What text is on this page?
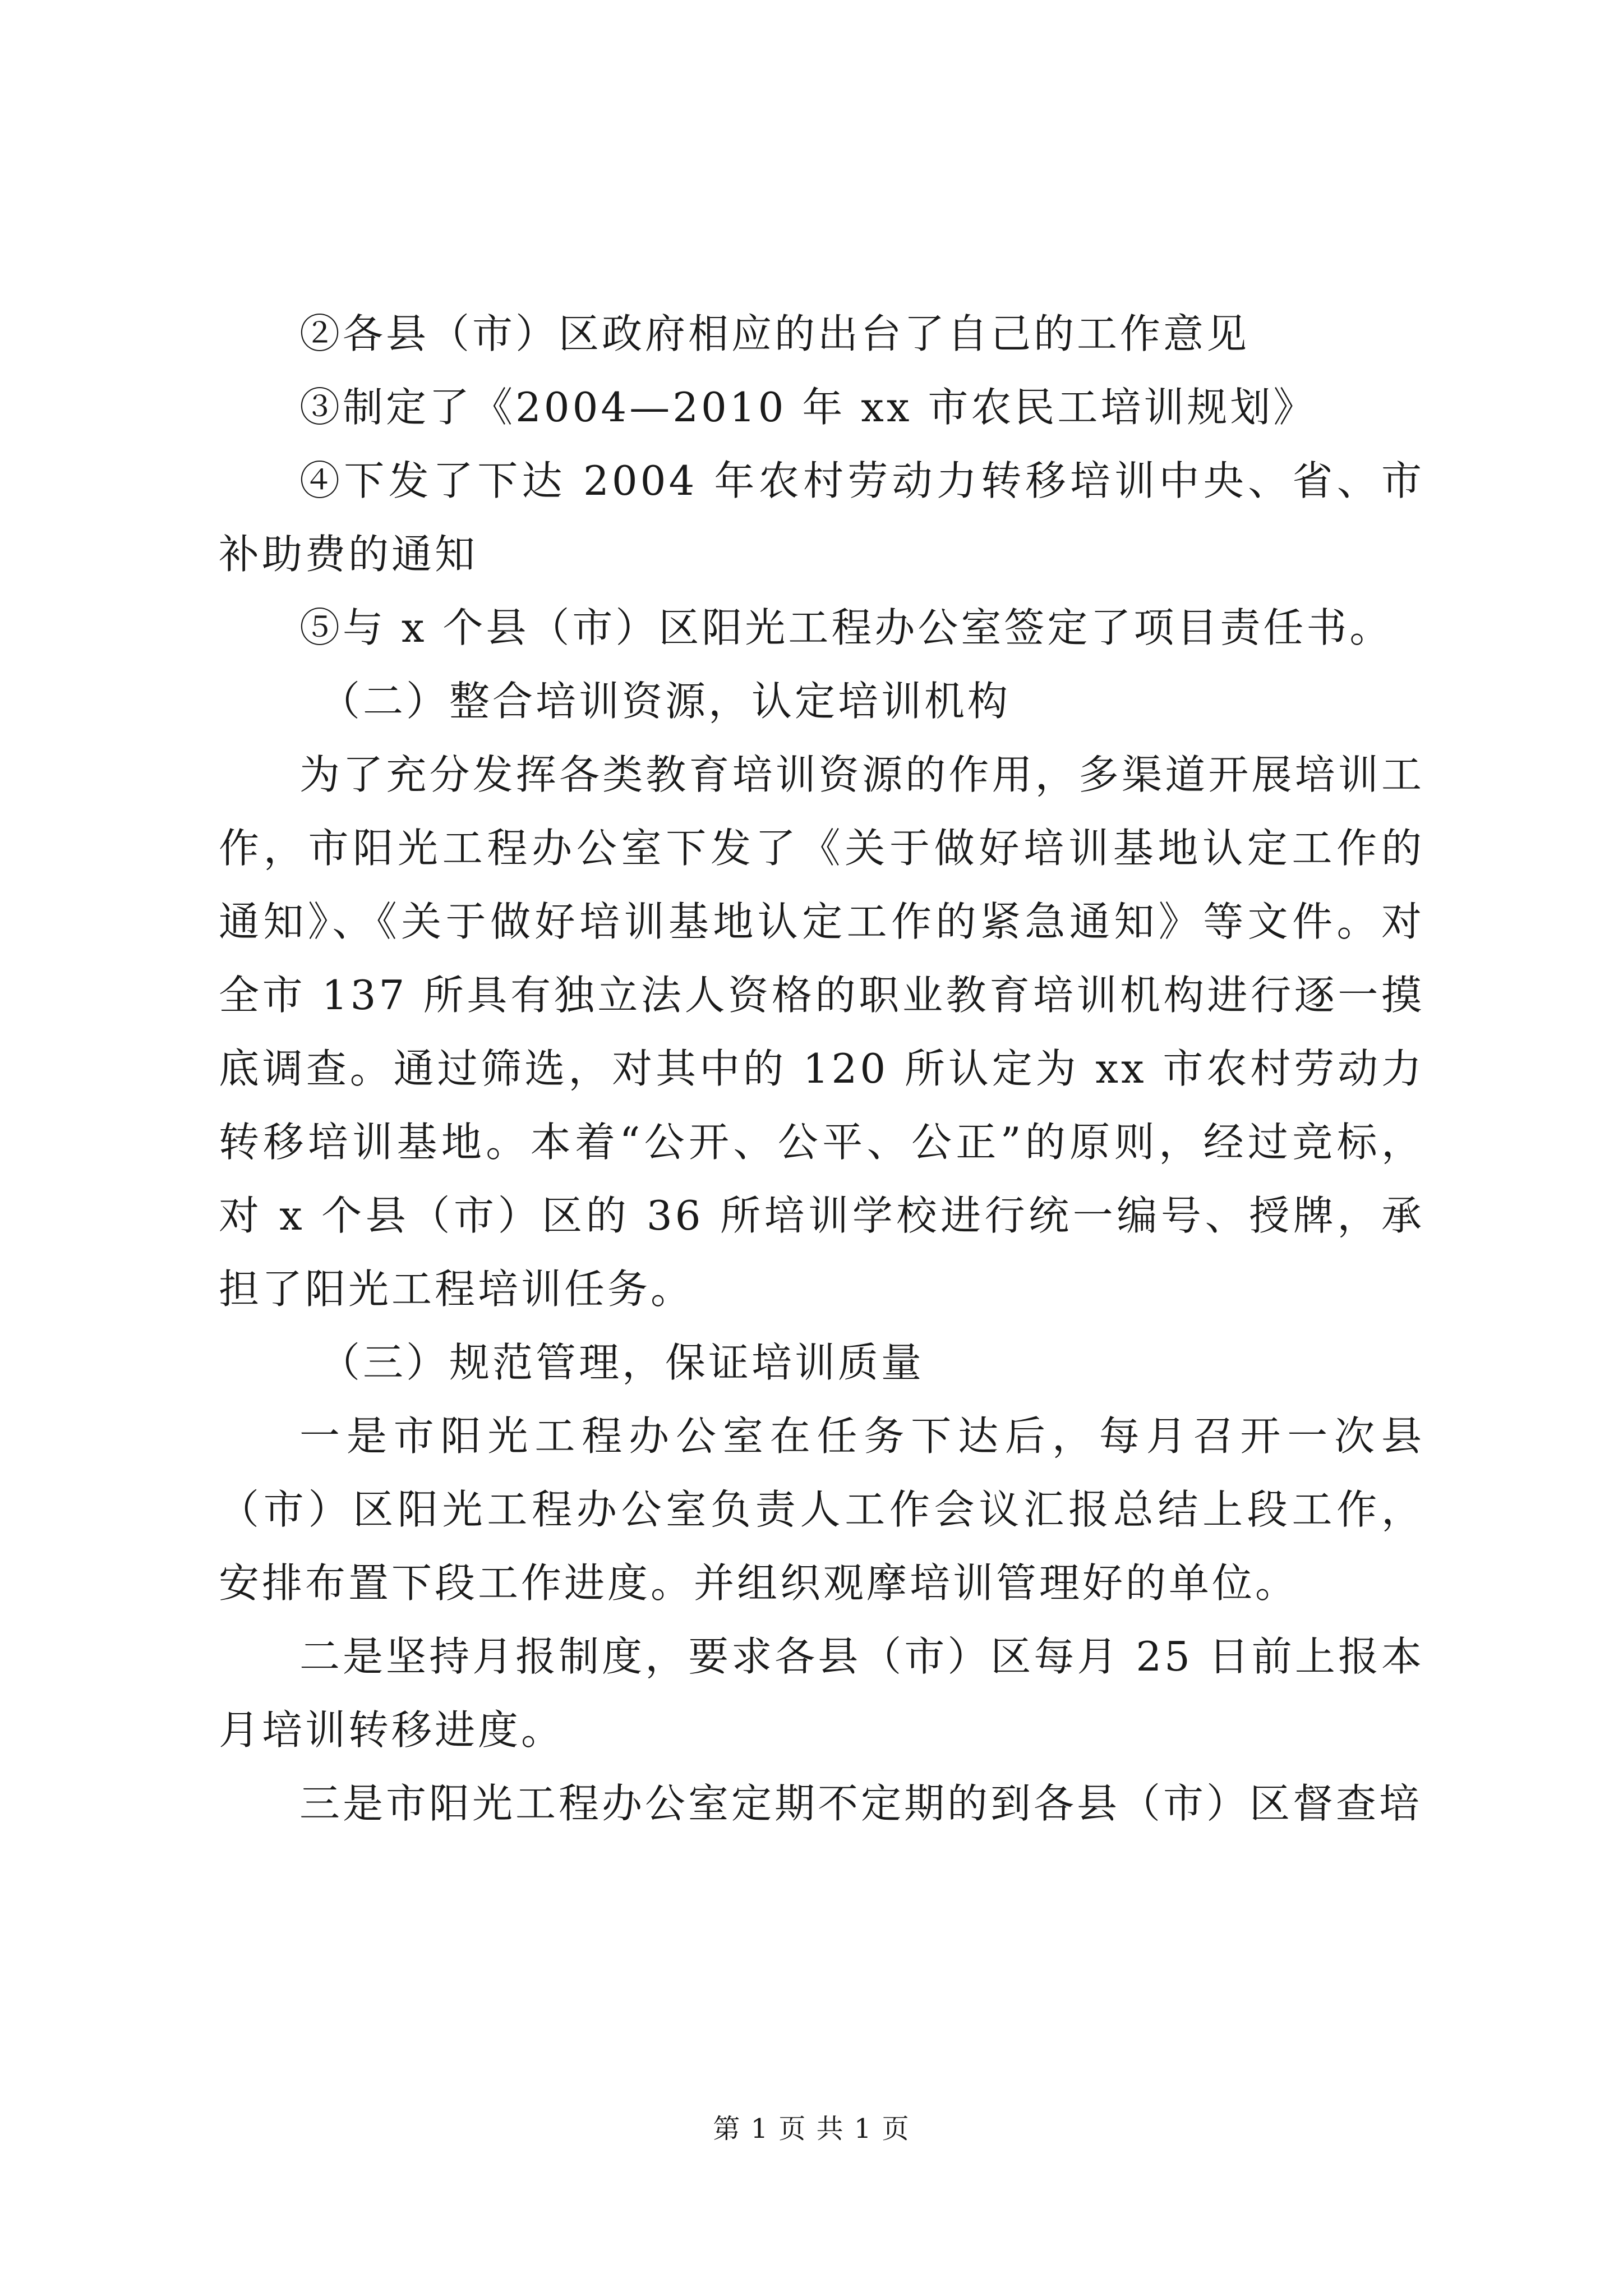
②各县（市）区政府相应的出台了自己的工作意见

③制定了《2004—2010 年 xx 市农民工培训规划》

④下发了下达 2004 年农村劳动力转移培训中央、省、市补助费的通知

⑤与 x 个县（市）区阳光工程办公室签定了项目责任书。

（二）整合培训资源，认定培训机构

为了充分发挥各类教育培训资源的作用，多渠道开展培训工作，市阳光工程办公室下发了《关于做好培训基地认定工作的通知》、《关于做好培训基地认定工作的紧急通知》等文件。对全市 137 所具有独立法人资格的职业教育培训机构进行逐一摸底调查。通过筛选，对其中的 120 所认定为 xx 市农村劳动力转移培训基地。本着“公开、公平、公正”的原则，经过竞标，对 x 个县（市）区的 36 所培训学校进行统一编号、授牌，承担了阳光工程培训任务。

（三）规范管理，保证培训质量

一是市阳光工程办公室在任务下达后，每月召开一次县（市）区阳光工程办公室负责人工作会议汇报总结上段工作，安排布置下段工作进度。并组织观摩培训管理好的单位。

二是坚持月报制度，要求各县（市）区每月 25 日前上报本月培训转移进度。

三是市阳光工程办公室定期不定期的到各县（市）区督查培

第 1 页 共 1 页
